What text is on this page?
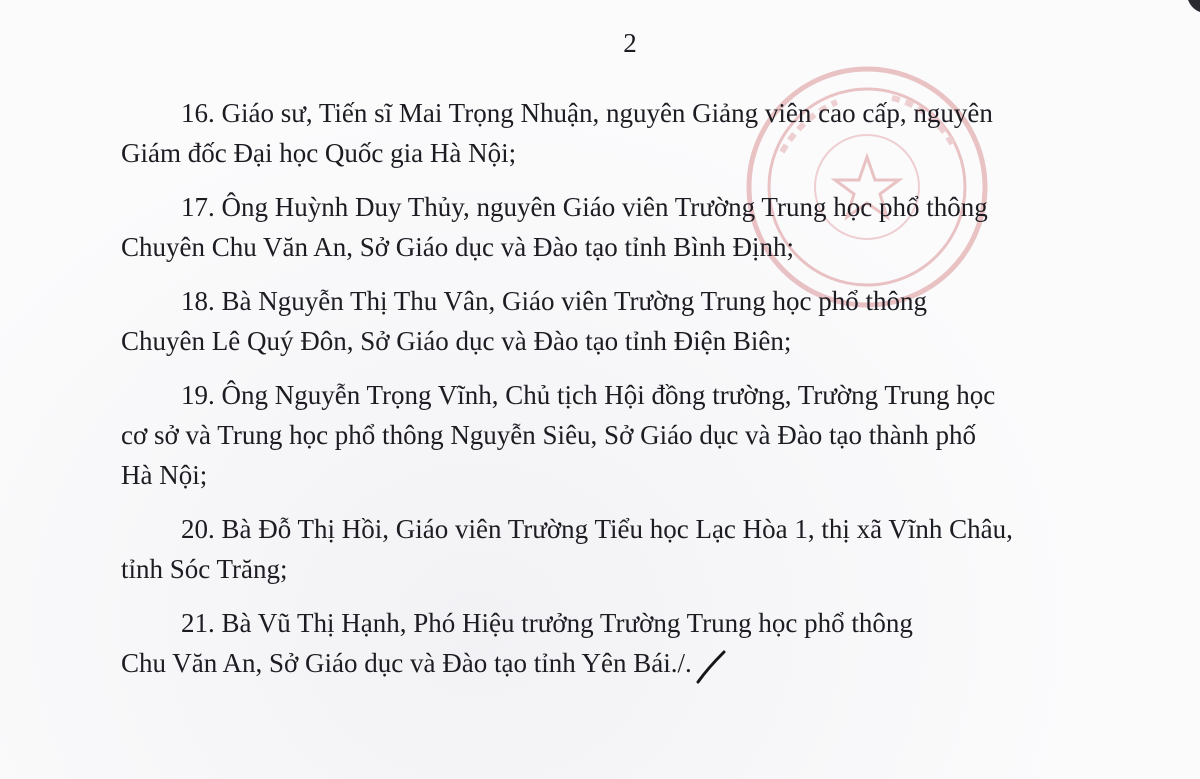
2
16. Giáo sư, Tiến sĩ Mai Trọng Nhuận, nguyên Giảng viên cao cấp, nguyên
Giám đốc Đại học Quốc gia Hà Nội;
17. Ông Huỳnh Duy Thủy, nguyên Giáo viên Trường Trung học phổ thông
Chuyên Chu Văn An, Sở Giáo dục và Đào tạo tỉnh Bình Định;
18. Bà Nguyễn Thị Thu Vân, Giáo viên Trường Trung học phổ thông
Chuyên Lê Quý Đôn, Sở Giáo dục và Đào tạo tỉnh Điện Biên;
19. Ông Nguyễn Trọng Vĩnh, Chủ tịch Hội đồng trường, Trường Trung học
cơ sở và Trung học phổ thông Nguyễn Siêu, Sở Giáo dục và Đào tạo thành phố
Hà Nội;
20. Bà Đỗ Thị Hồi, Giáo viên Trường Tiểu học Lạc Hòa 1, thị xã Vĩnh Châu,
tỉnh Sóc Trăng;
21. Bà Vũ Thị Hạnh, Phó Hiệu trưởng Trường Trung học phổ thông
Chu Văn An, Sở Giáo dục và Đào tạo tỉnh Yên Bái./.
